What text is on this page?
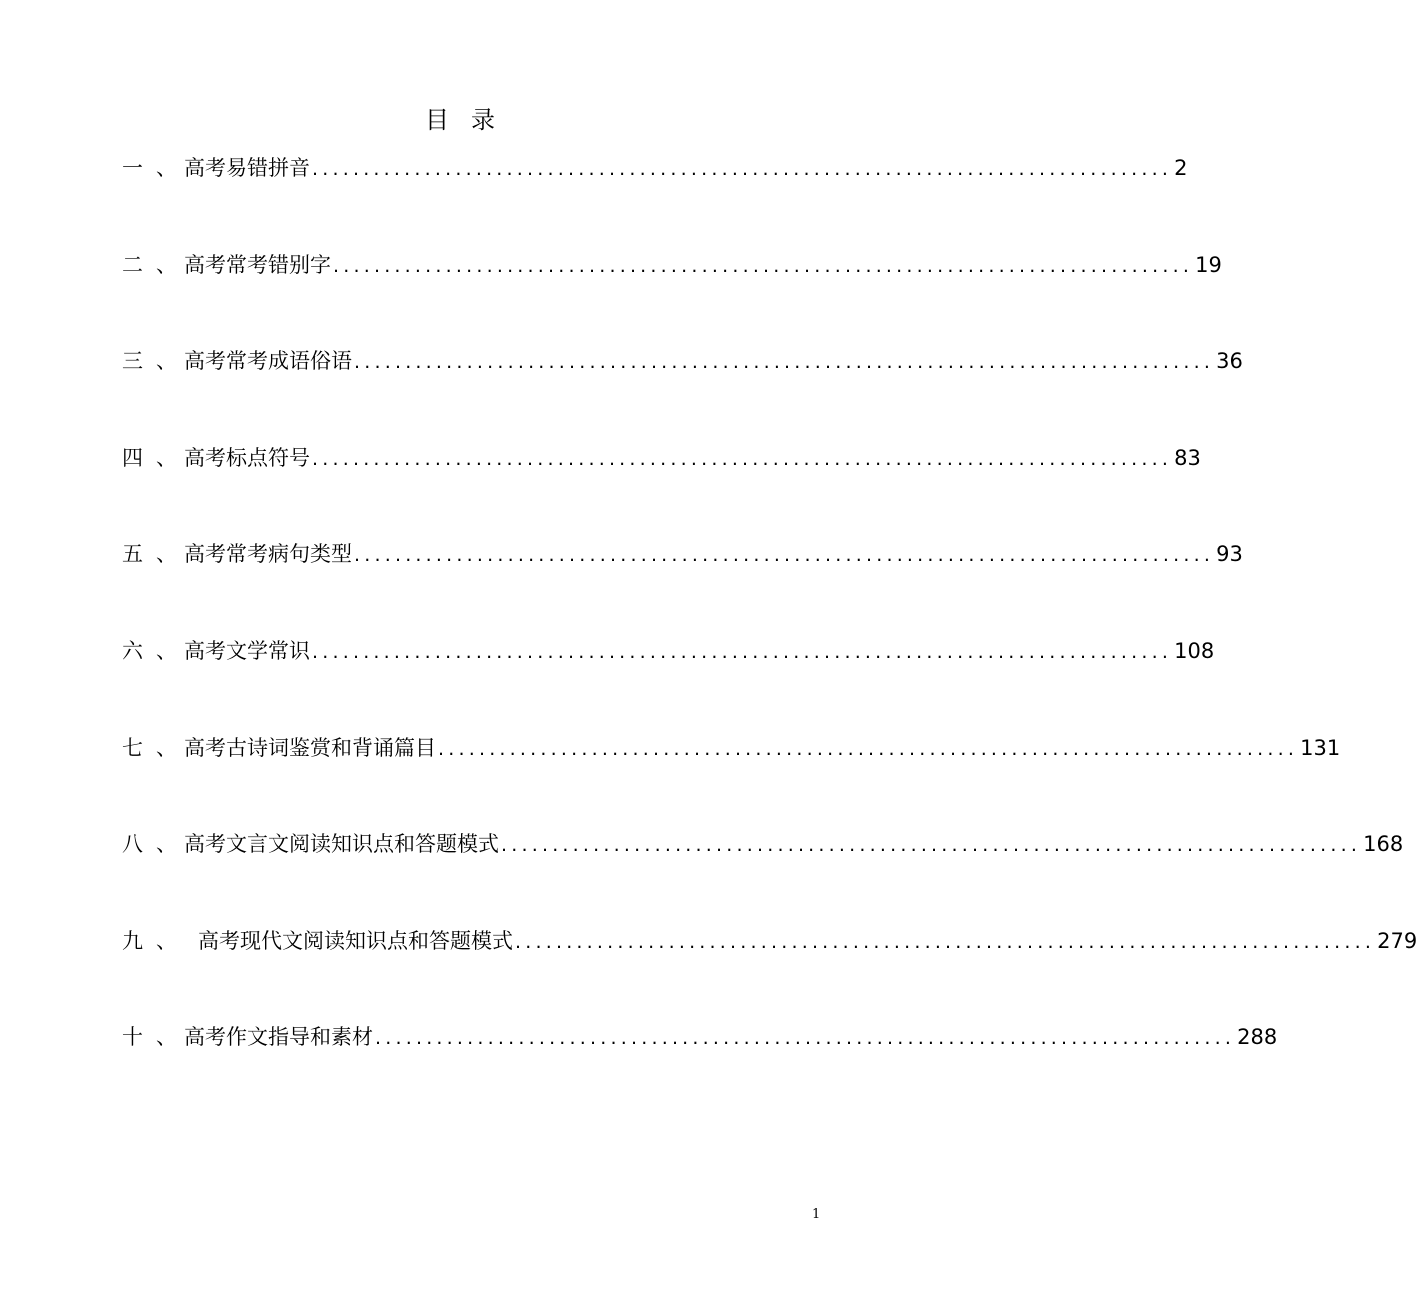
目 录
一 、 高考易错拼音 .................................................................................... 2
二 、 高考常考错别字 .................................................................................... 19
三 、 高考常考成语俗语 .................................................................................... 36
四 、 高考标点符号 .................................................................................... 83
五 、 高考常考病句类型 .................................................................................... 93
六 、 高考文学常识 .................................................................................... 108
七 、 高考古诗词鉴赏和背诵篇目 .................................................................................... 131
八 、 高考文言文阅读知识点和答题模式 .................................................................................... 168
九 、	高考现代文阅读知识点和答题模式 .................................................................................... 279
十 、 高考作文指导和素材 .................................................................................... 288
1
